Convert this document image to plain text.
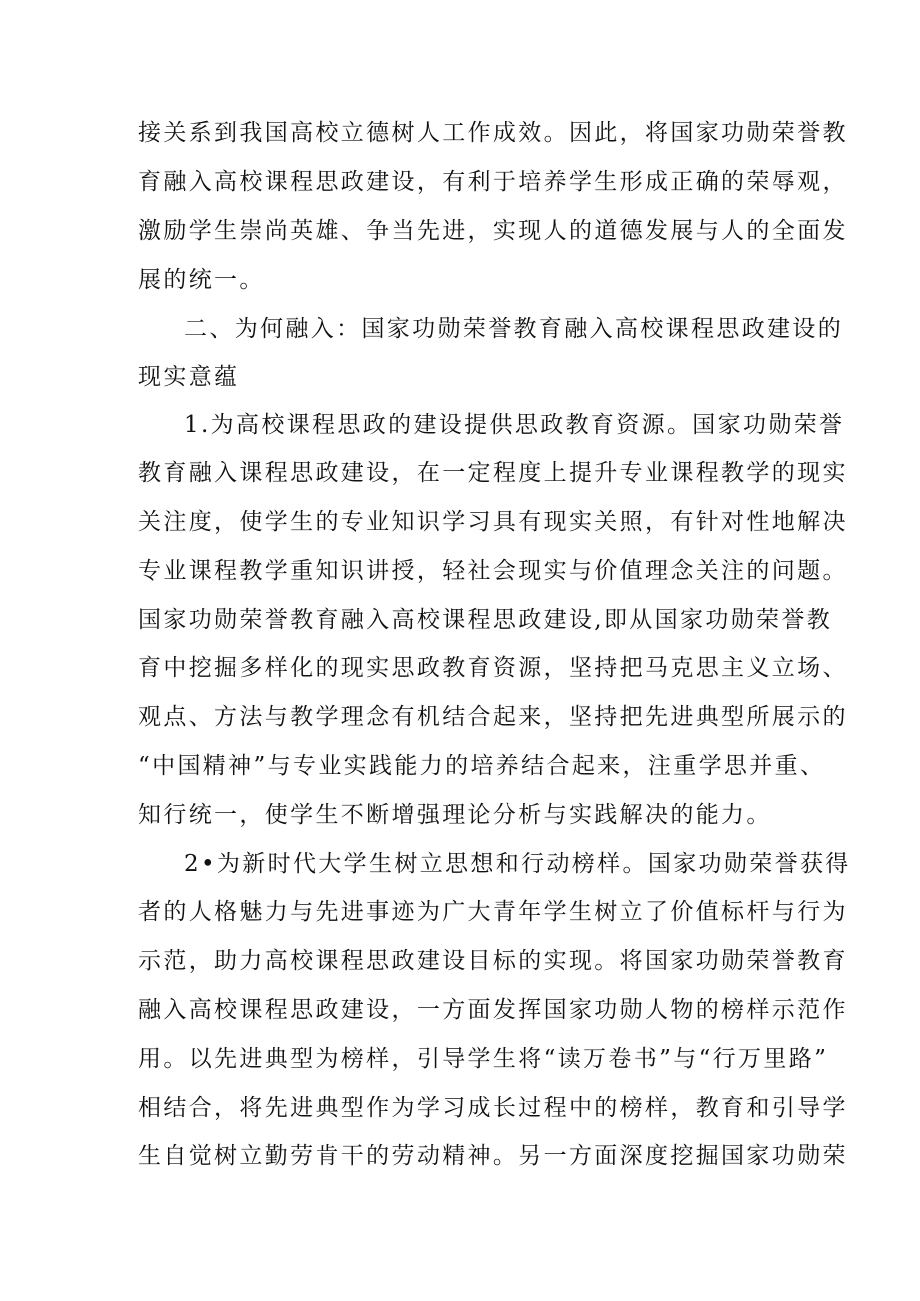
接关系到我国高校立德树人工作成效。因此，将国家功勋荣誉教
育融入高校课程思政建设，有利于培养学生形成正确的荣辱观，
激励学生崇尚英雄、争当先进，实现人的道德发展与人的全面发
展的统一。
二、为何融入：国家功勋荣誉教育融入高校课程思政建设的
现实意蕴
1.为高校课程思政的建设提供思政教育资源。国家功勋荣誉
教育融入课程思政建设，在一定程度上提升专业课程教学的现实
关注度，使学生的专业知识学习具有现实关照，有针对性地解决
专业课程教学重知识讲授，轻社会现实与价值理念关注的问题。
国家功勋荣誉教育融入高校课程思政建设,即从国家功勋荣誉教
育中挖掘多样化的现实思政教育资源，坚持把马克思主义立场、
观点、方法与教学理念有机结合起来，坚持把先进典型所展示的
“中国精神”与专业实践能力的培养结合起来，注重学思并重、
知行统一，使学生不断增强理论分析与实践解决的能力。
2•为新时代大学生树立思想和行动榜样。国家功勋荣誉获得
者的人格魅力与先进事迹为广大青年学生树立了价值标杆与行为
示范，助力高校课程思政建设目标的实现。将国家功勋荣誉教育
融入高校课程思政建设，一方面发挥国家功勋人物的榜样示范作
用。以先进典型为榜样，引导学生将“读万卷书”与“行万里路”
相结合，将先进典型作为学习成长过程中的榜样，教育和引导学
生自觉树立勤劳肯干的劳动精神。另一方面深度挖掘国家功勋荣
